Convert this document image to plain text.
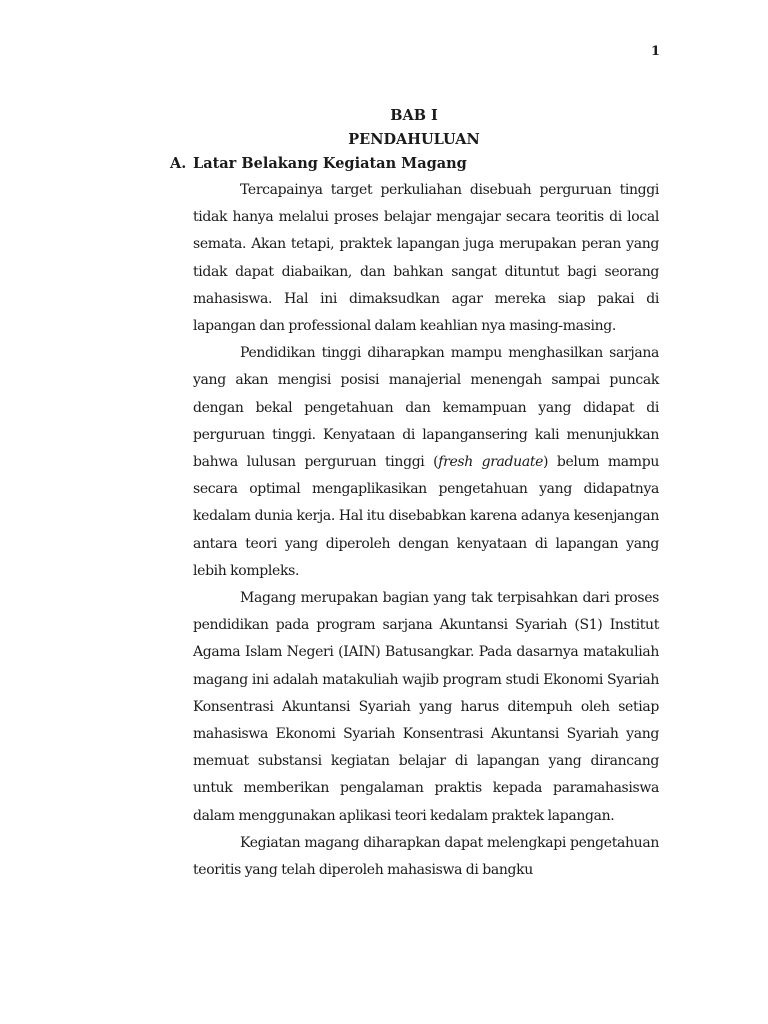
1
BAB I
PENDAHULUAN
A. Latar Belakang Kegiatan Magang

Tercapainya target perkuliahan disebuah perguruan tinggi tidak hanya melalui proses belajar mengajar secara teoritis di local semata. Akan tetapi, praktek lapangan juga merupakan peran yang tidak dapat diabaikan, dan bahkan sangat dituntut bagi seorang mahasiswa. Hal ini dimaksudkan agar mereka siap pakai di lapangan dan professional dalam keahlian nya masing-masing.

Pendidikan tinggi diharapkan mampu menghasilkan sarjana yang akan mengisi posisi manajerial menengah sampai puncak dengan bekal pengetahuan dan kemampuan yang didapat di perguruan tinggi. Kenyataan di lapangansering kali menunjukkan bahwa lulusan perguruan tinggi (fresh graduate) belum mampu secara optimal mengaplikasikan pengetahuan yang didapatnya kedalam dunia kerja. Hal itu disebabkan karena adanya kesenjangan antara teori yang diperoleh dengan kenyataan di lapangan yang lebih kompleks.

Magang merupakan bagian yang tak terpisahkan dari proses pendidikan pada program sarjana Akuntansi Syariah (S1) Institut Agama Islam Negeri (IAIN) Batusangkar. Pada dasarnya matakuliah magang ini adalah matakuliah wajib program studi Ekonomi Syariah Konsentrasi Akuntansi Syariah yang harus ditempuh oleh setiap mahasiswa Ekonomi Syariah Konsentrasi Akuntansi Syariah yang memuat substansi kegiatan belajar di lapangan yang dirancang untuk memberikan pengalaman praktis kepada paramahasiswa dalam menggunakan aplikasi teori kedalam praktek lapangan.

Kegiatan magang diharapkan dapat melengkapi pengetahuan teoritis yang telah diperoleh mahasiswa di bangku
